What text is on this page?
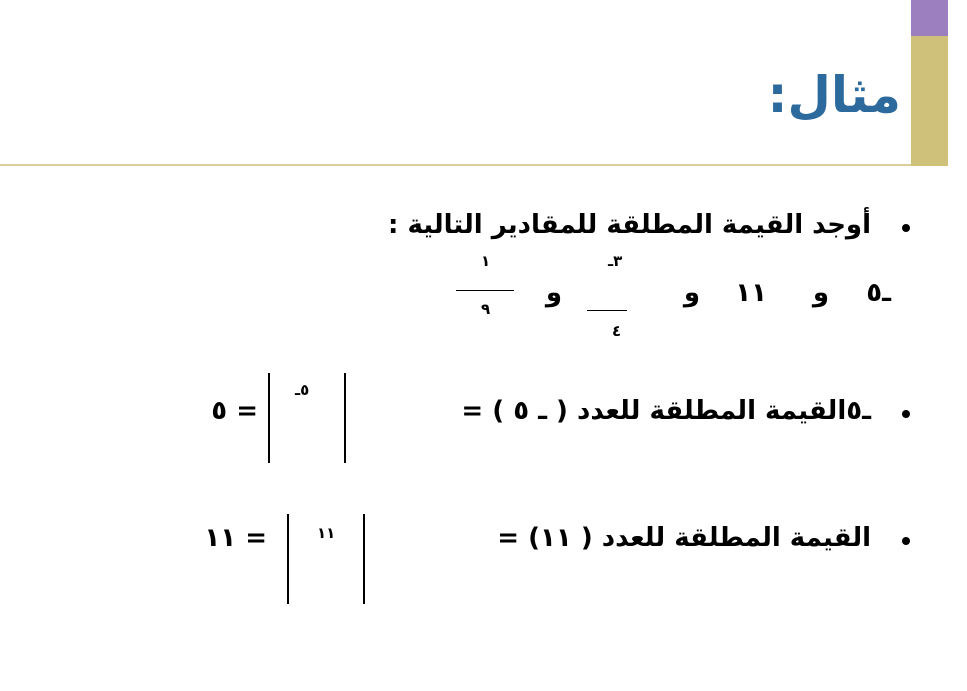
مثال:
أوجد القيمة المطلقة للمقادير التالية :
ـ٥
و
١١
و
٣ـ
٤
و
١
٩
ـ٥القيمة المطلقة للعدد ( ـ ٥ ) =
٥ـ
= ٥
القيمة المطلقة للعدد ( ١١) =
١١
= ١١
